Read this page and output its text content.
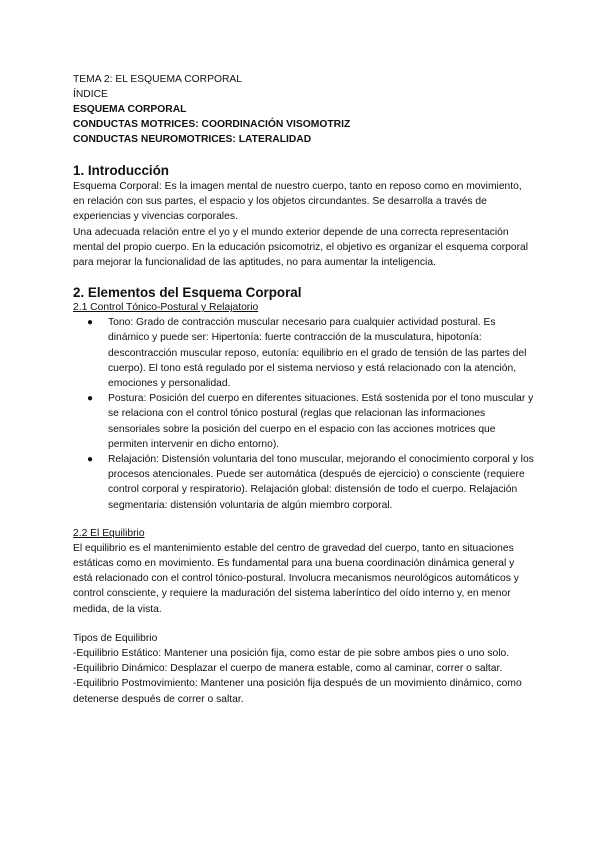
TEMA 2: EL ESQUEMA CORPORAL

ÍNDICE

ESQUEMA CORPORAL

CONDUCTAS MOTRICES: COORDINACIÓN VISOMOTRIZ

CONDUCTAS NEUROMOTRICES: LATERALIDAD

1. Introducción

Esquema Corporal: Es la imagen mental de nuestro cuerpo, tanto en reposo como en movimiento, en relación con sus partes, el espacio y los objetos circundantes. Se desarrolla a través de experiencias y vivencias corporales.

Una adecuada relación entre el yo y el mundo exterior depende de una correcta representación mental del propio cuerpo. En la educación psicomotriz, el objetivo es organizar el esquema corporal para mejorar la funcionalidad de las aptitudes, no para aumentar la inteligencia.

2. Elementos del Esquema Corporal

2.1 Control Tónico-Postural y Relajatorio

● Tono: Grado de contracción muscular necesario para cualquier actividad postural. Es dinámico y puede ser: Hipertonía: fuerte contracción de la musculatura, hipotonía: descontracción muscular reposo, eutonía: equilibrio en el grado de tensión de las partes del cuerpo). El tono está regulado por el sistema nervioso y está relacionado con la atención, emociones y personalidad.
● Postura: Posición del cuerpo en diferentes situaciones. Está sostenida por el tono muscular y se relaciona con el control tónico postural (reglas que relacionan las informaciones sensoriales sobre la posición del cuerpo en el espacio con las acciones motrices que permiten intervenir en dicho entorno).
● Relajación: Distensión voluntaria del tono muscular, mejorando el conocimiento corporal y los procesos atencionales. Puede ser automática (después de ejercicio) o consciente (requiere control corporal y respiratorio). Relajación global: distensión de todo el cuerpo. Relajación segmentaria: distensión voluntaria de algún miembro corporal.

2.2 El Equilibrio

El equilibrio es el mantenimiento estable del centro de gravedad del cuerpo, tanto en situaciones estáticas como en movimiento. Es fundamental para una buena coordinación dinámica general y está relacionado con el control tónico-postural. Involucra mecanismos neurológicos automáticos y control consciente, y requiere la maduración del sistema laberíntico del oído interno y, en menor medida, de la vista.

Tipos de Equilibrio

-Equilibrio Estático: Mantener una posición fija, como estar de pie sobre ambos pies o uno solo.

-Equilibrio Dinámico: Desplazar el cuerpo de manera estable, como al caminar, correr o saltar.

-Equilibrio Postmovimiento: Mantener una posición fija después de un movimiento dinámico, como detenerse después de correr o saltar.
